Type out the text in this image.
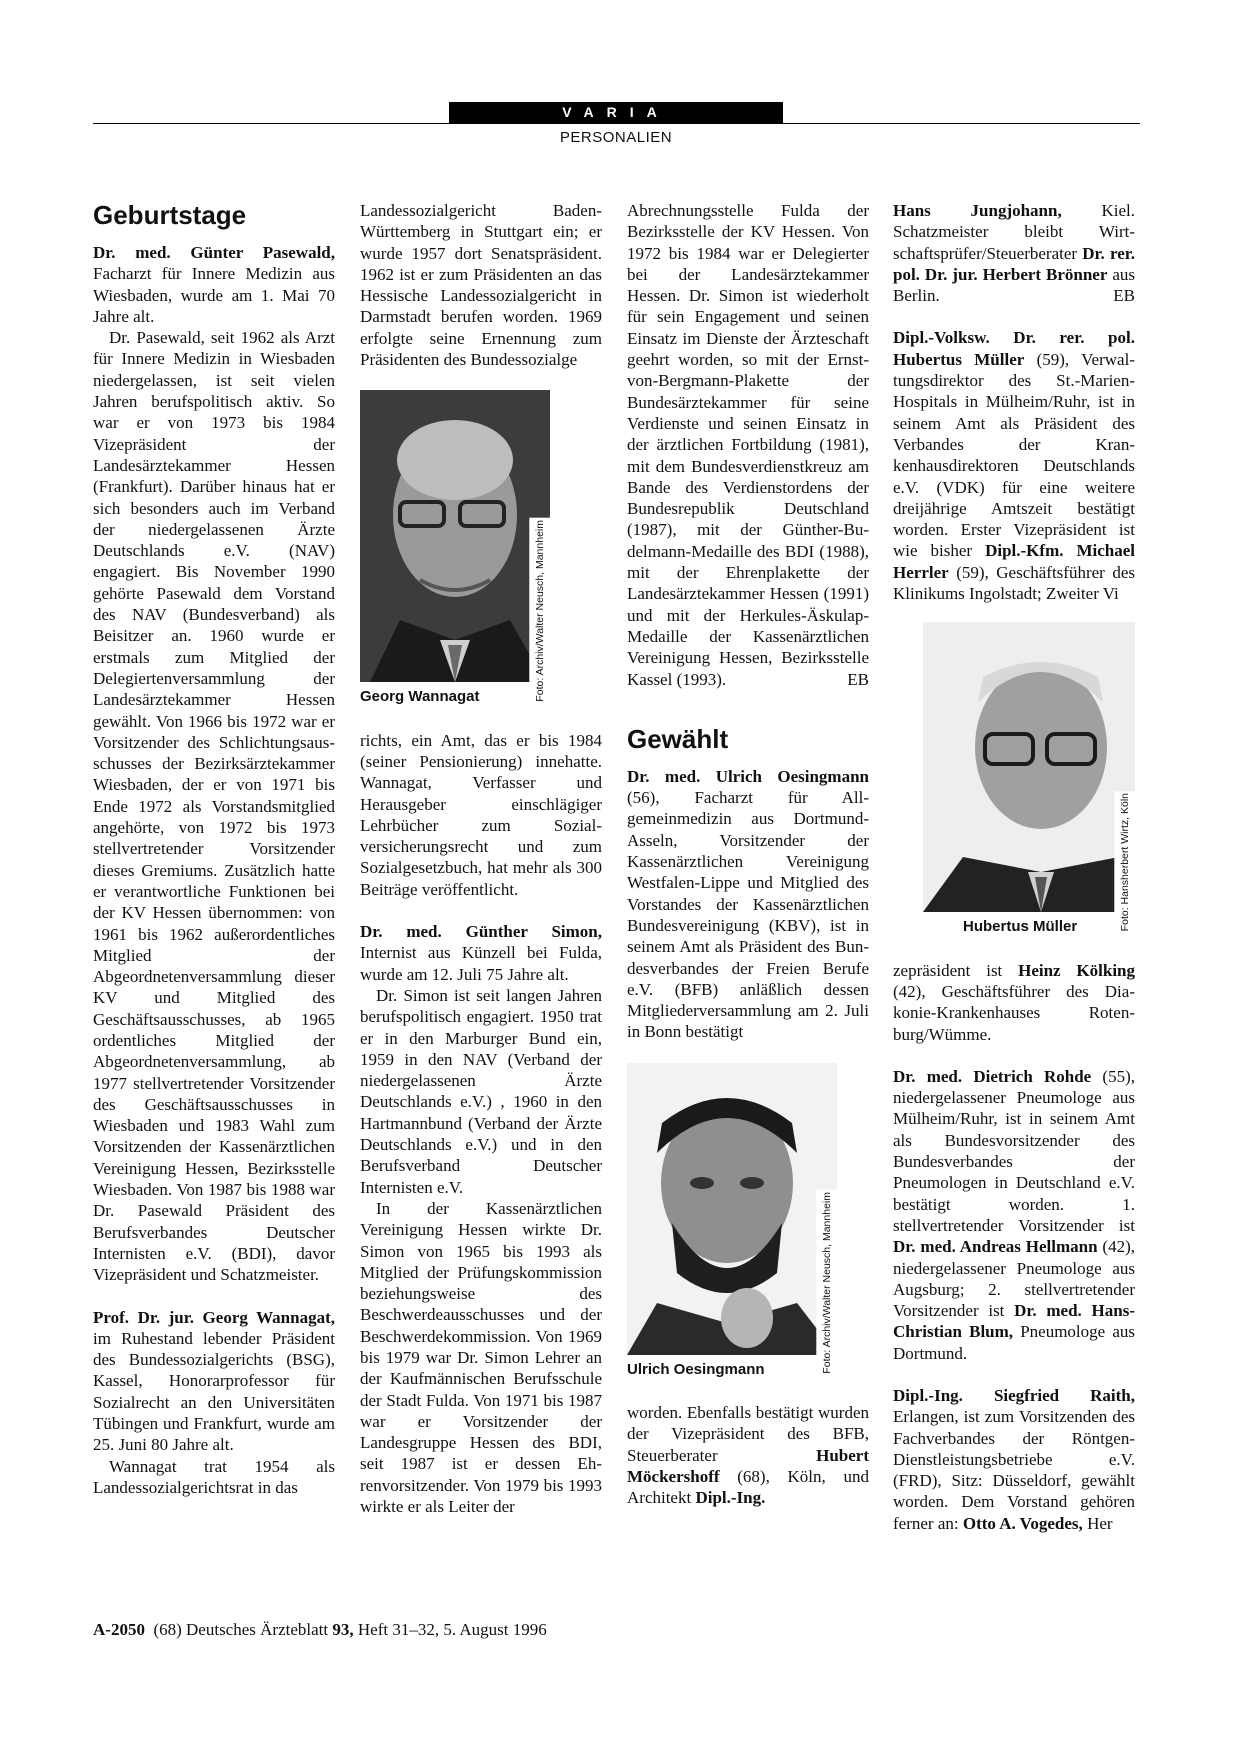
VARIA
PERSONALIEN
Geburtstage

Dr. med. Günter Pasewald, Facharzt für Innere Medizin aus Wiesbaden, wurde am 1. Mai 70 Jahre alt.

Dr. Pasewald, seit 1962 als Arzt für Innere Medizin in Wiesbaden niedergelassen, ist seit vielen Jahren berufspolitisch aktiv. So war er von 1973 bis 1984 Vizepräsident der Landesärztekammer Hessen (Frankfurt). Darüber hinaus hat er sich besonders auch im Verband der niedergelassenen Ärzte Deutschlands e.V. (NAV) engagiert. Bis November 1990 gehörte Pasewald dem Vorstand des NAV (Bundesverband) als Beisitzer an. 1960 wurde er erstmals zum Mitglied der Delegiertenversammlung der Landesärztekammer Hessen gewählt. Von 1966 bis 1972 war er Vorsitzender des Schlichtungsausschusses der Bezirksärztekammer Wiesbaden, der er von 1971 bis Ende 1972 als Vorstandsmitglied angehörte, von 1972 bis 1973 stellvertretender Vorsitzender dieses Gremiums. Zusätzlich hatte er verantwortliche Funktionen bei der KV Hessen übernommen: von 1961 bis 1962 außerordentliches Mitglied der Abgeordnetenversammlung dieser KV und Mitglied des Geschäftsausschusses, ab 1965 ordentliches Mitglied der Abgeordnetenversammlung, ab 1977 stellvertretender Vorsitzender des Geschäftsausschusses in Wiesbaden und 1983 Wahl zum Vorsitzenden der Kassenärztlichen Vereinigung Hessen, Bezirksstelle Wiesbaden. Von 1987 bis 1988 war Dr. Pasewald Präsident des Berufsverbandes Deutscher Internisten e.V. (BDI), davor Vizepräsident und Schatzmeister.

Prof. Dr. jur. Georg Wannagat, im Ruhestand lebender Präsident des Bundessozialgerichts (BSG), Kassel, Honorarprofessor für Sozialrecht an den Universitäten Tübingen und Frankfurt, wurde am 25. Juni 80 Jahre alt.

Wannagat trat 1954 als Landessozialgerichtsrat in das

Landessozialgericht Baden-Württemberg in Stuttgart ein; er wurde 1957 dort Senatspräsident. 1962 ist er zum Präsidenten an das Hessische Landessozialgericht in Darmstadt berufen worden. 1969 erfolgte seine Ernennung zum Präsidenten des Bundessozialge

Foto: Archiv/Walter Neusch, Mannheim
Georg Wannagat

richts, ein Amt, das er bis 1984 (seiner Pensionierung) innehatte. Wannagat, Verfasser und Herausgeber einschlägiger Lehrbücher zum Sozialversicherungsrecht und zum Sozialgesetzbuch, hat mehr als 300 Beiträge veröffentlicht.

Dr. med. Günther Simon, Internist aus Künzell bei Fulda, wurde am 12. Juli 75 Jahre alt.

Dr. Simon ist seit langen Jahren berufspolitisch engagiert. 1950 trat er in den Marburger Bund ein, 1959 in den NAV (Verband der niedergelassenen Ärzte Deutschlands e.V.) , 1960 in den Hartmannbund (Verband der Ärzte Deutschlands e.V.) und in den Berufsverband Deutscher Internisten e.V.

In der Kassenärztlichen Vereinigung Hessen wirkte Dr. Simon von 1965 bis 1993 als Mitglied der Prüfungskommission beziehungsweise des Beschwerdeausschusses und der Beschwerdekommission. Von 1969 bis 1979 war Dr. Simon Lehrer an der Kaufmännischen Berufsschule der Stadt Fulda. Von 1971 bis 1987 war er Vorsitzender der Landesgruppe Hessen des BDI, seit 1987 ist er dessen Ehrenvorsitzender. Von 1979 bis 1993 wirkte er als Leiter der

Abrechnungsstelle Fulda der Bezirksstelle der KV Hessen. Von 1972 bis 1984 war er Delegierter bei der Landesärztekammer Hessen. Dr. Simon ist wiederholt für sein Engagement und seinen Einsatz im Dienste der Ärzteschaft geehrt worden, so mit der Ernst-von-Bergmann-Plakette der Bundesärztekammer für seine Verdienste und seinen Einsatz in der ärztlichen Fortbildung (1981), mit dem Bundesverdienstkreuz am Bande des Verdienstordens der Bundesrepublik Deutschland (1987), mit der Günther-Budelmann-Medaille des BDI (1988), mit der Ehrenplakette der Landesärztekammer Hessen (1991) und mit der Herkules-Äskulap-Medaille der Kassenärztlichen Vereinigung Hessen, Bezirksstelle Kassel (1993).	EB

Gewählt

Dr. med. Ulrich Oesingmann (56), Facharzt für Allgemeinmedizin aus Dortmund-Asseln, Vorsitzender der Kassenärztlichen Vereinigung Westfalen-Lippe und Mitglied des Vorstandes der Kassenärztlichen Bundesvereinigung (KBV), ist in seinem Amt als Präsident des Bundesverbandes der Freien Berufe e.V. (BFB) anläßlich dessen Mitgliederversammlung am 2. Juli in Bonn bestätigt

Foto: Archiv/Walter Neusch, Mannheim
Ulrich Oesingmann

worden. Ebenfalls bestätigt wurden der Vizepräsident des BFB, Steuerberater Hubert Möckershoff (68), Köln, und Architekt Dipl.-Ing.

Hans Jungjohann, Kiel. Schatzmeister bleibt Wirtschaftsprüfer/Steuerberater Dr. rer. pol. Dr. jur. Herbert Brönner aus Berlin.	EB

Dipl.-Volksw. Dr. rer. pol. Hubertus Müller (59), Verwaltungsdirektor des St.-Marien-Hospitals in Mülheim/Ruhr, ist in seinem Amt als Präsident des Verbandes der Krankenhausdirektoren Deutschlands e.V. (VDK) für eine weitere dreijährige Amtszeit bestätigt worden. Erster Vizepräsident ist wie bisher Dipl.-Kfm. Michael Herrler (59), Geschäftsführer des Klinikums Ingolstadt; Zweiter Vi

Foto: Hansherbert Wirtz, Köln
Hubertus Müller

zepräsident ist Heinz Kölking (42), Geschäftsführer des Diakonie-Krankenhauses Rotenburg/Wümme.

Dr. med. Dietrich Rohde (55), niedergelassener Pneumologe aus Mülheim/Ruhr, ist in seinem Amt als Bundesvorsitzender des Bundesverbandes der Pneumologen in Deutschland e.V. bestätigt worden. 1. stellvertretender Vorsitzender ist Dr. med. Andreas Hellmann (42), niedergelassener Pneumologe aus Augsburg; 2. stellvertretender Vorsitzender ist Dr. med. Hans-Christian Blum, Pneumologe aus Dortmund.

Dipl.-Ing. Siegfried Raith, Erlangen, ist zum Vorsitzenden des Fachverbandes der Röntgen-Dienstleistungsbetriebe e.V. (FRD), Sitz: Düsseldorf, gewählt worden. Dem Vorstand gehören ferner an: Otto A. Vogedes, Her

A-2050  (68) Deutsches Ärzteblatt 93, Heft 31–32, 5. August 1996
